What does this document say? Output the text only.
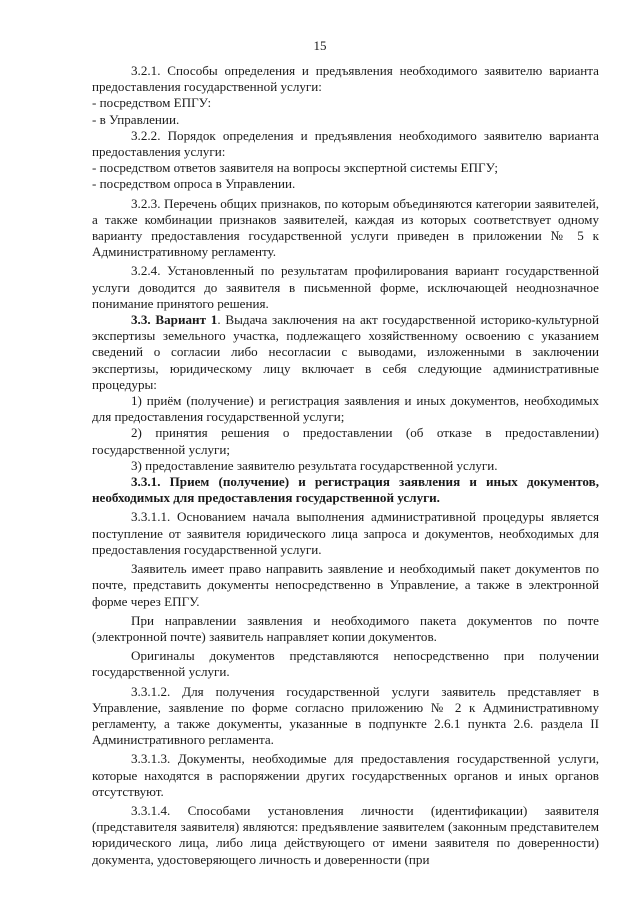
15

3.2.1. Способы определения и предъявления необходимого заявителю варианта предоставления государственной услуги:

- посредством ЕПГУ:

- в Управлении.

3.2.2. Порядок определения и предъявления необходимого заявителю варианта предоставления услуги:

- посредством ответов заявителя на вопросы экспертной системы ЕПГУ;

- посредством опроса в Управлении.

3.2.3. Перечень общих признаков, по которым объединяются категории заявителей, а также комбинации признаков заявителей, каждая из которых соответствует одному варианту предоставления государственной услуги приведен в приложении № 5 к Административному регламенту.

3.2.4. Установленный по результатам профилирования вариант государственной услуги доводится до заявителя в письменной форме, исключающей неоднозначное понимание принятого решения.

3.3. Вариант 1. Выдача заключения на акт государственной историко-культурной экспертизы земельного участка, подлежащего хозяйственному освоению с указанием сведений о согласии либо несогласии с выводами, изложенными в заключении экспертизы, юридическому лицу включает в себя следующие административные процедуры:

1) приём (получение) и регистрация заявления и иных документов, необходимых для предоставления государственной услуги;

2) принятия решения о предоставлении (об отказе в предоставлении) государственной услуги;

3) предоставление заявителю результата государственной услуги.

3.3.1. Прием (получение) и регистрация заявления и иных документов, необходимых для предоставления государственной услуги.

3.3.1.1. Основанием начала выполнения административной процедуры является поступление от заявителя юридического лица запроса и документов, необходимых для предоставления государственной услуги.

Заявитель имеет право направить заявление и необходимый пакет документов по почте, представить документы непосредственно в Управление, а также в электронной форме через ЕПГУ.

При направлении заявления и необходимого пакета документов по почте (электронной почте) заявитель направляет копии документов.

Оригиналы документов представляются непосредственно при получении государственной услуги.

3.3.1.2. Для получения государственной услуги заявитель представляет в Управление, заявление по форме согласно приложению № 2 к Административному регламенту, а также документы, указанные в подпункте 2.6.1 пункта 2.6. раздела II Административного регламента.

3.3.1.3. Документы, необходимые для предоставления государственной услуги, которые находятся в распоряжении других государственных органов и иных органов отсутствуют.

3.3.1.4. Способами установления личности (идентификации) заявителя (представителя заявителя) являются: предъявление заявителем (законным представителем юридического лица, либо лица действующего от имени заявителя по доверенности) документа, удостоверяющего личность и доверенности (при
